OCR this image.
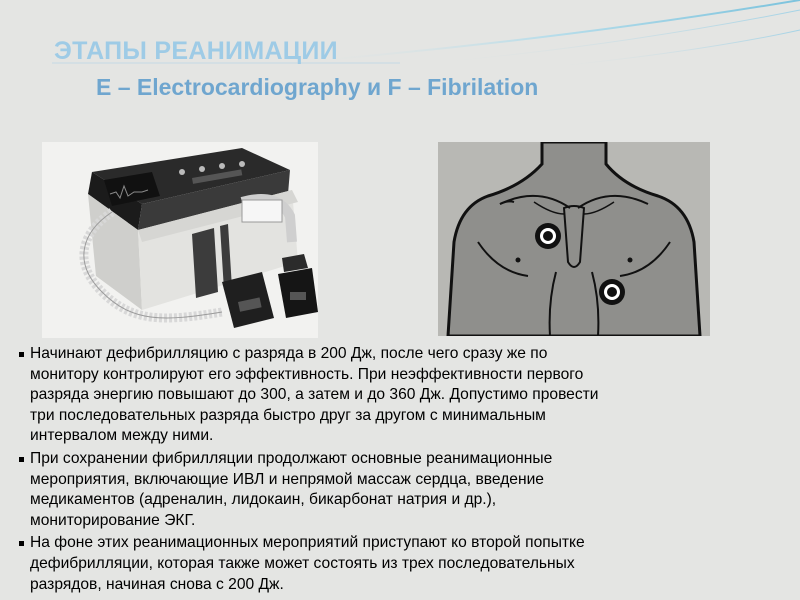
ЭТАПЫ РЕАНИМАЦИИ
E – Electrocardiography и F – Fibrilation
Начинают дефибрилляцию с разряда в 200 Дж, после чего сразу же по
монитору контролируют его эффективность. При неэффективности первого
разряда энергию повышают до 300, а затем и до 360 Дж. Допустимо провести
три последовательных разряда быстро друг за другом с минимальным
интервалом между ними.
При сохранении фибрилляции продолжают основные реанимационные
мероприятия, включающие ИВЛ и непрямой массаж сердца, введение
медикаментов (адреналин, лидокаин, бикарбонат натрия и др.),
мониторирование ЭКГ.
На фоне этих реанимационных мероприятий приступают ко второй попытке
дефибрилляции, которая также может состоять из трех последовательных
разрядов, начиная снова с 200 Дж.
